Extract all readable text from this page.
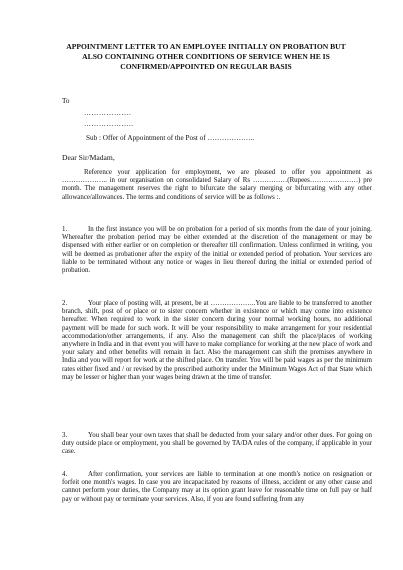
APPOINTMENT LETTER TO AN EMPLOYEE INITIALLY ON PROBATION BUT ALSO CONTAINING OTHER CONDITIONS OF SERVICE WHEN HE IS CONFIRMED/APPOINTED ON REGULAR BASIS

To
……………….
………………..
Sub : Offer of Appointment of the Post of ………………..
Dear Sir/Madam,

Reference your application for employment, we are pleased to offer you appointment as ……………….. in our organisation on consolidated Salary of Rs ……………(Rupees…………………) pre month. The management reserves the right to bifurcate the salary merging or bifurcating with any other allowance/allowances. The terms and conditions of service will be as follows :.

1.	In the first instance you will be on probation for a period of six months from the date of your joining. Whereafter the probation period may be either extended at the discretion of the management or may be dispensed with either earlier or on completion or thereafter till confirmation. Unless confirmed in writing, you will be deemed as probationer after the expiry of the initial or extended period of probation. Your services are liable to be terminated without any notice or wages in lieu thereof during the initial or extended period of probation.

2.	Your place of posting will, at present, be at ………………..You are liable to be transferred to another branch, shift, post of or place or to sister concern whether in existence or which may come into existence hereafter. When required to work in the sister concern during your normal working hours, no additional payment will be made for such work. It will be your responsibility to make arrangement for your residential accommodation/other arrangements, if any. Also the management can shift the place/places of working anywhere in India and in that event you will have to make compliance for working at the new place of work and your salary and other benefits will remain in fact. Also the management can shift the premises anywhere in India and you will report for work at the shifted place. On transfer. You will be paid wages as per the minimum rates either fixed and / or revised by the prescribed authority under the Minimum Wages Act of that State which may be lesser or higher than your wages being drawn at the time of transfer.

3.	You shall bear your own taxes that shall be deducted from your salary and/or other dues. For going on duty outside place or employment, you shall be governed by TA/DA rules of the company, if applicable in your case.

4.	After confirmation, your services are liable to termination at one month's notice on resignation or forfeit one month's wages. In case you are incapacitated by reasons of illness, accident or any other cause and cannot perform your duties, the Company may at its option grant leave for reasonable time on full pay or half pay or without pay or terminate your services. Also, if you are found suffering from any
